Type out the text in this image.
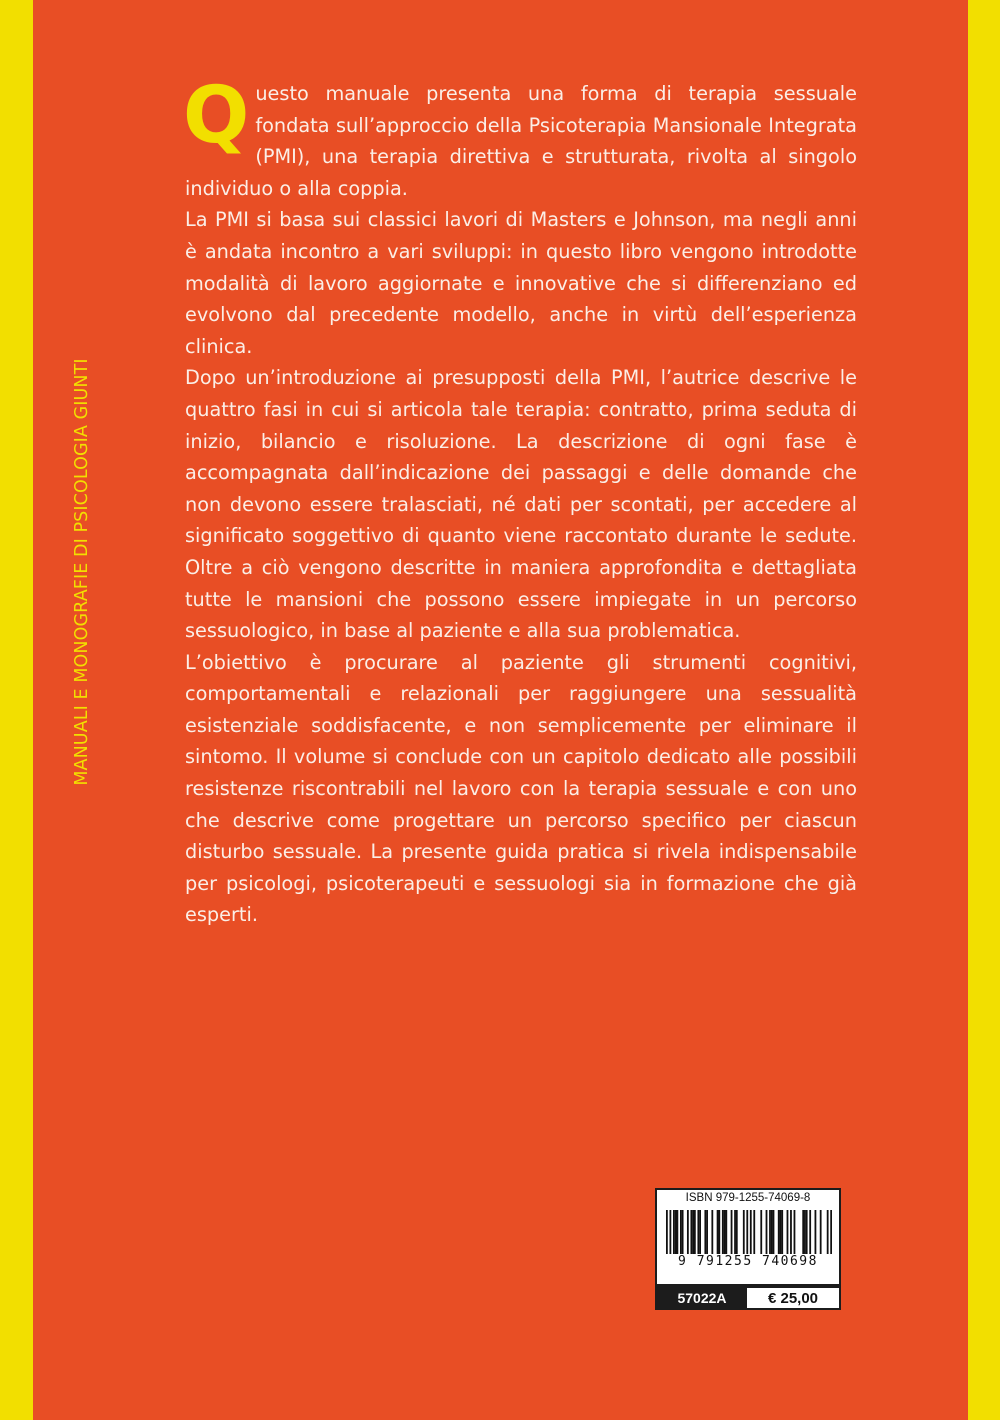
MANUALI E MONOGRAFIE DI PSICOLOGIA GIUNTI

Questo manuale presenta una forma di terapia sessuale fondata sull’approccio della Psicoterapia Mansionale Integrata (PMI), una terapia direttiva e strutturata, rivolta al singolo individuo o alla coppia.

La PMI si basa sui classici lavori di Masters e Johnson, ma negli anni è andata incontro a vari sviluppi: in questo libro vengono introdotte modalità di lavoro aggiornate e innovative che si differenziano ed evolvono dal precedente modello, anche in virtù dell’esperienza clinica.

Dopo un’introduzione ai presupposti della PMI, l’autrice descrive le quattro fasi in cui si articola tale terapia: contratto, prima seduta di inizio, bilancio e risoluzione. La descrizione di ogni fase è accompagnata dall’indicazione dei passaggi e delle domande che non devono essere tralasciati, né dati per scontati, per accedere al significato soggettivo di quanto viene raccontato durante le sedute. Oltre a ciò vengono descritte in maniera approfondita e dettagliata tutte le mansioni che possono essere impiegate in un percorso sessuologico, in base al paziente e alla sua problematica.

L’obiettivo è procurare al paziente gli strumenti cognitivi, comportamentali e relazionali per raggiungere una sessualità esistenziale soddisfacente, e non semplicemente per eliminare il sintomo. Il volume si conclude con un capitolo dedicato alle possibili resistenze riscontrabili nel lavoro con la terapia sessuale e con uno che descrive come progettare un percorso specifico per ciascun disturbo sessuale. La presente guida pratica si rivela indispensabile per psicologi, psicoterapeuti e sessuologi sia in formazione che già esperti.

ISBN 979-1255-74069-8
9 791255 740698
57022A	€ 25,00
